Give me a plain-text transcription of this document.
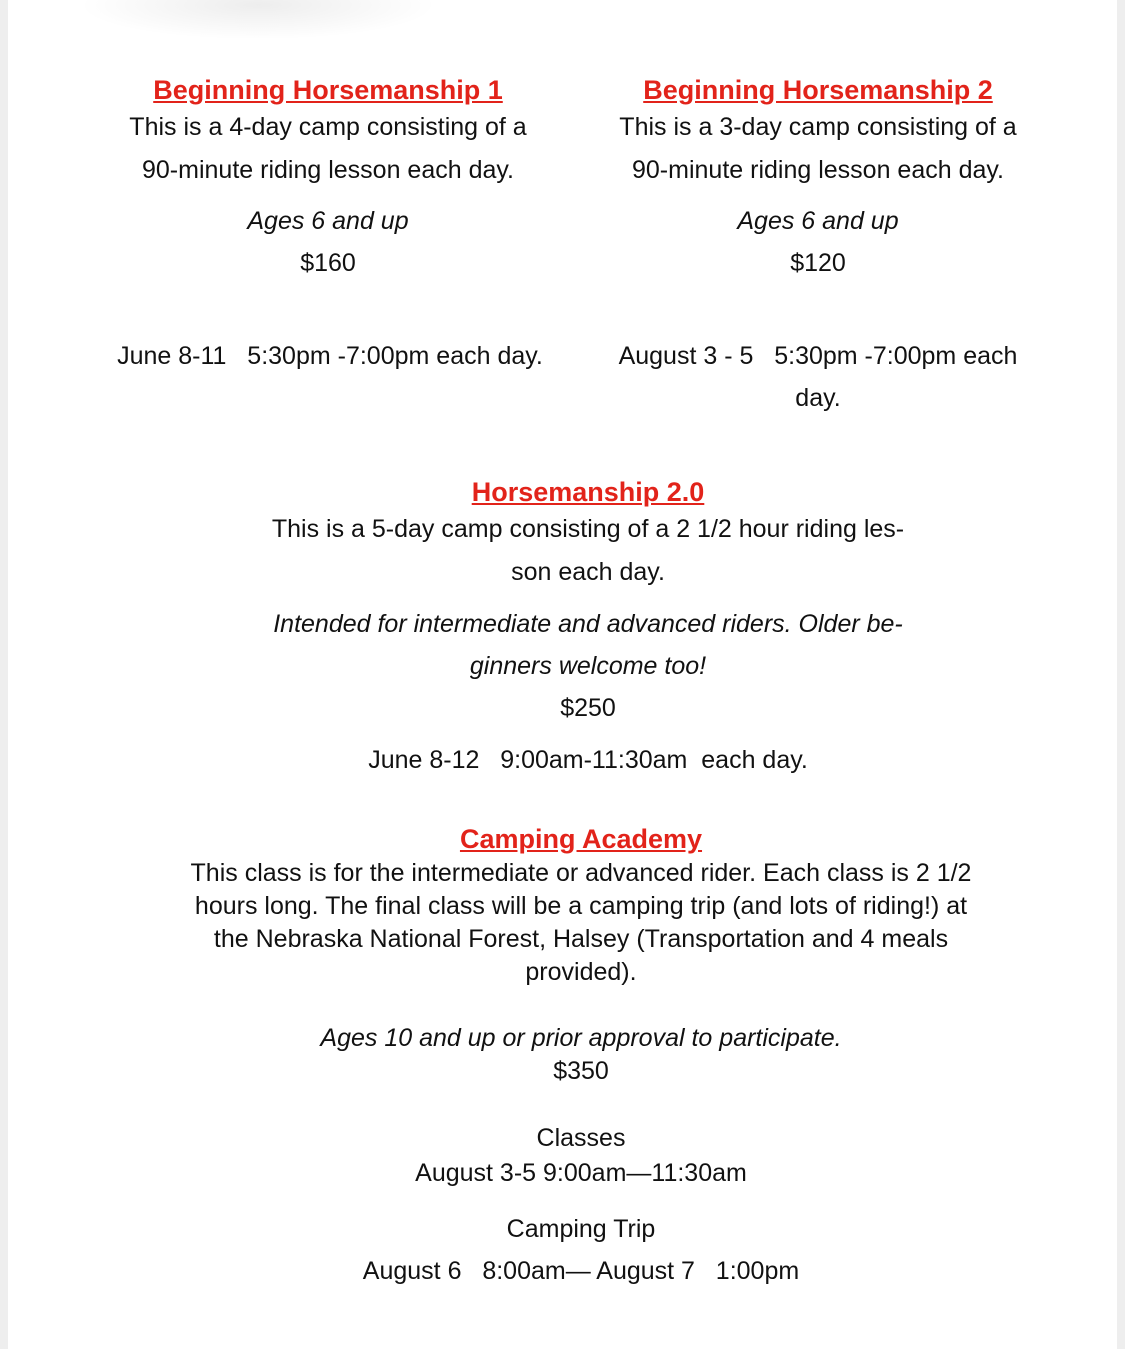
Beginning Horsemanship 1
This is a 4-day camp consisting of a
90-minute riding lesson each day.
Ages 6 and up
$160
June 8-11   5:30pm -7:00pm each day.
Beginning Horsemanship 2
This is a 3-day camp consisting of a
90-minute riding lesson each day.
Ages 6 and up
$120
August 3 - 5   5:30pm -7:00pm each
day.
Horsemanship 2.0
This is a 5-day camp consisting of a 2 1/2 hour riding les-
son each day.
Intended for intermediate and advanced riders. Older be-
ginners welcome too!
$250
June 8-12   9:00am-11:30am  each day.
Camping Academy
This class is for the intermediate or advanced rider. Each class is 2 1/2
hours long. The final class will be a camping trip (and lots of riding!) at
the Nebraska National Forest, Halsey (Transportation and 4 meals
provided).
Ages 10 and up or prior approval to participate.
$350
Classes
August 3-5 9:00am—11:30am
Camping Trip
August 6   8:00am— August 7   1:00pm
